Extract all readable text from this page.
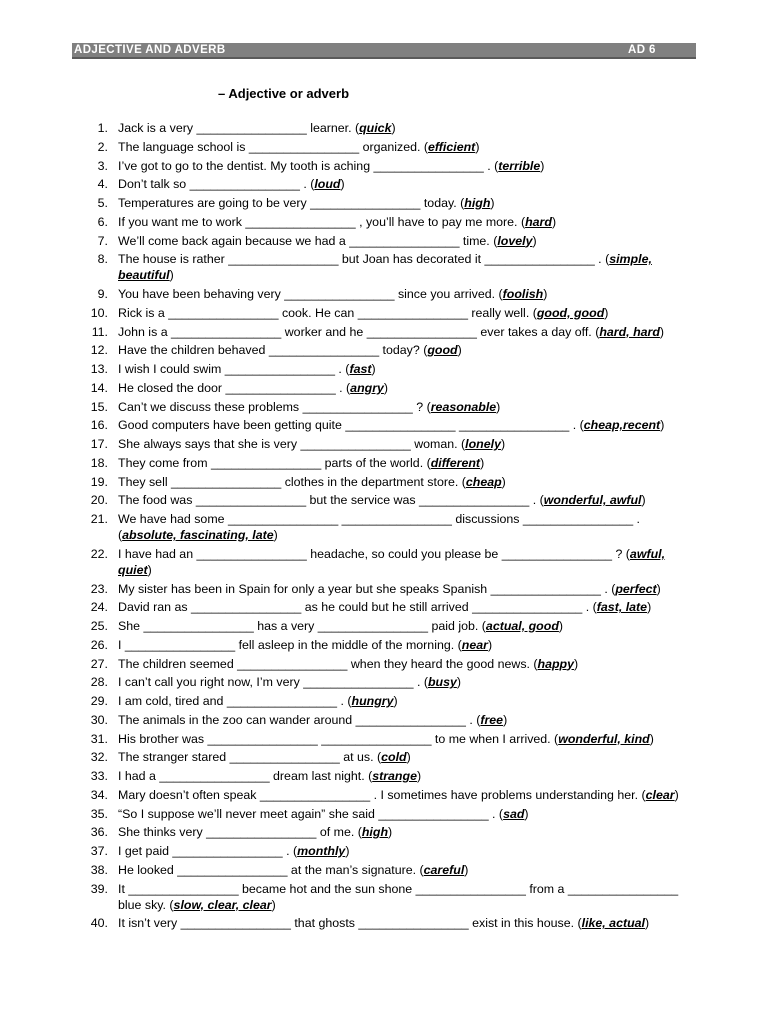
ADJECTIVE AND ADVERB	AD 6
– Adjective or adverb
1. Jack is a very ________________ learner. (quick)
2. The language school is ________________ organized. (efficient)
3. I’ve got to go to the dentist. My tooth is aching ________________ . (terrible)
4. Don’t talk so ________________ . (loud)
5. Temperatures are going to be very ________________ today. (high)
6. If you want me to work ________________ , you’ll have to pay me more. (hard)
7. We’ll come back again because we had a ________________ time. (lovely)
8. The house is rather ________________ but Joan has decorated it ________________ . (simple, beautiful)
9. You have been behaving very ________________ since you arrived. (foolish)
10. Rick is a ________________ cook. He can ________________ really well. (good, good)
11. John is a ________________ worker and he ________________ ever takes a day off. (hard, hard)
12. Have the children behaved ________________ today? (good)
13. I wish I could swim ________________ . (fast)
14. He closed the door ________________ . (angry)
15. Can’t we discuss these problems ________________ ? (reasonable)
16. Good computers have been getting quite ________________ ________________ . (cheap,recent)
17. She always says that she is very ________________ woman. (lonely)
18. They come from ________________ parts of the world. (different)
19. They sell ________________ clothes in the department store. (cheap)
20. The food was ________________ but the service was ________________ . (wonderful, awful)
21. We have had some ________________ ________________ discussions ________________ . (absolute, fascinating, late)
22. I have had an ________________ headache, so could you please be ________________ ? (awful, quiet)
23. My sister has been in Spain for only a year but she speaks Spanish ________________ . (perfect)
24. David ran as ________________ as he could but he still arrived ________________ . (fast, late)
25. She ________________ has a very ________________ paid job. (actual, good)
26. I ________________ fell asleep in the middle of the morning. (near)
27. The children seemed ________________ when they heard the good news. (happy)
28. I can’t call you right now, I’m very ________________ . (busy)
29. I am cold, tired and ________________ . (hungry)
30. The animals in the zoo can wander around ________________ . (free)
31. His brother was ________________ ________________ to me when I arrived. (wonderful, kind)
32. The stranger stared ________________ at us. (cold)
33. I had a ________________ dream last night. (strange)
34. Mary doesn’t often speak ________________ . I sometimes have problems understanding her. (clear)
35. “So I suppose we’ll never meet again” she said ________________ . (sad)
36. She thinks very ________________ of me. (high)
37. I get paid ________________ . (monthly)
38. He looked ________________ at the man’s signature. (careful)
39. It ________________ became hot and the sun shone ________________ from a ________________ blue sky. (slow, clear, clear)
40. It isn’t very ________________ that ghosts ________________ exist in this house. (like, actual)
